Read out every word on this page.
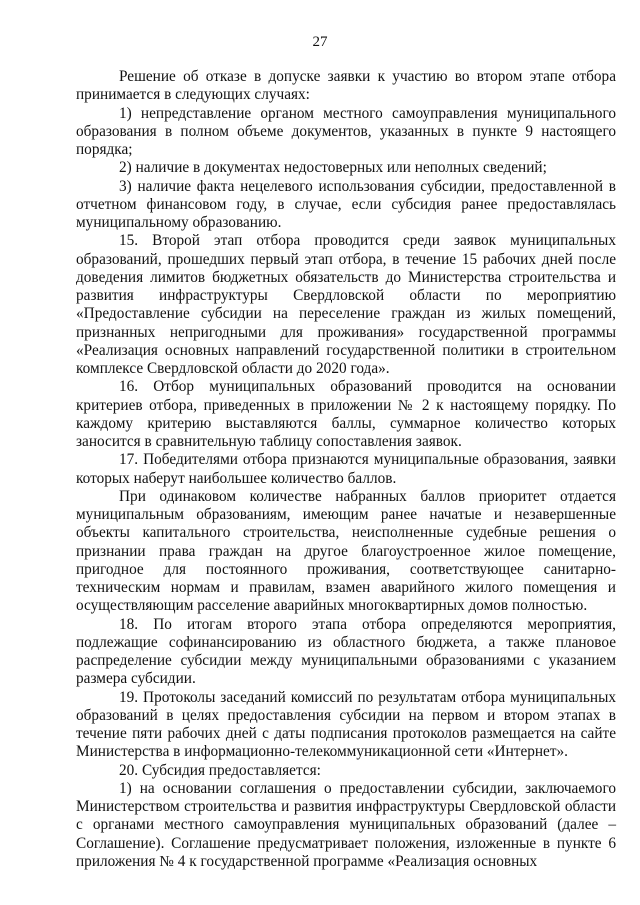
27

Решение об отказе в допуске заявки к участию во втором этапе отбора принимается в следующих случаях:

1) непредставление органом местного самоуправления муниципального образования в полном объеме документов, указанных в пункте 9 настоящего порядка;

2) наличие в документах недостоверных или неполных сведений;

3) наличие факта нецелевого использования субсидии, предоставленной в отчетном финансовом году, в случае, если субсидия ранее предоставлялась муниципальному образованию.

15. Второй этап отбора проводится среди заявок муниципальных образований, прошедших первый этап отбора, в течение 15 рабочих дней после доведения лимитов бюджетных обязательств до Министерства строительства и развития инфраструктуры Свердловской области по мероприятию «Предоставление субсидии на переселение граждан из жилых помещений, признанных непригодными для проживания» государственной программы «Реализация основных направлений государственной политики в строительном комплексе Свердловской области до 2020 года».

16. Отбор муниципальных образований проводится на основании критериев отбора, приведенных в приложении № 2 к настоящему порядку. По каждому критерию выставляются баллы, суммарное количество которых заносится в сравнительную таблицу сопоставления заявок.

17. Победителями отбора признаются муниципальные образования, заявки которых наберут наибольшее количество баллов.

При одинаковом количестве набранных баллов приоритет отдается муниципальным образованиям, имеющим ранее начатые и незавершенные объекты капитального строительства, неисполненные судебные решения о признании права граждан на другое благоустроенное жилое помещение, пригодное для постоянного проживания, соответствующее санитарно-техническим нормам и правилам, взамен аварийного жилого помещения и осуществляющим расселение аварийных многоквартирных домов полностью.

18. По итогам второго этапа отбора определяются мероприятия, подлежащие софинансированию из областного бюджета, а также плановое распределение субсидии между муниципальными образованиями с указанием размера субсидии.

19. Протоколы заседаний комиссий по результатам отбора муниципальных образований в целях предоставления субсидии на первом и втором этапах в течение пяти рабочих дней с даты подписания протоколов размещается на сайте Министерства в информационно-телекоммуникационной сети «Интернет».

20. Субсидия предоставляется:

1) на основании соглашения о предоставлении субсидии, заключаемого Министерством строительства и развития инфраструктуры Свердловской области с органами местного самоуправления муниципальных образований (далее – Соглашение). Соглашение предусматривает положения, изложенные в пункте 6 приложения № 4 к государственной программе «Реализация основных
